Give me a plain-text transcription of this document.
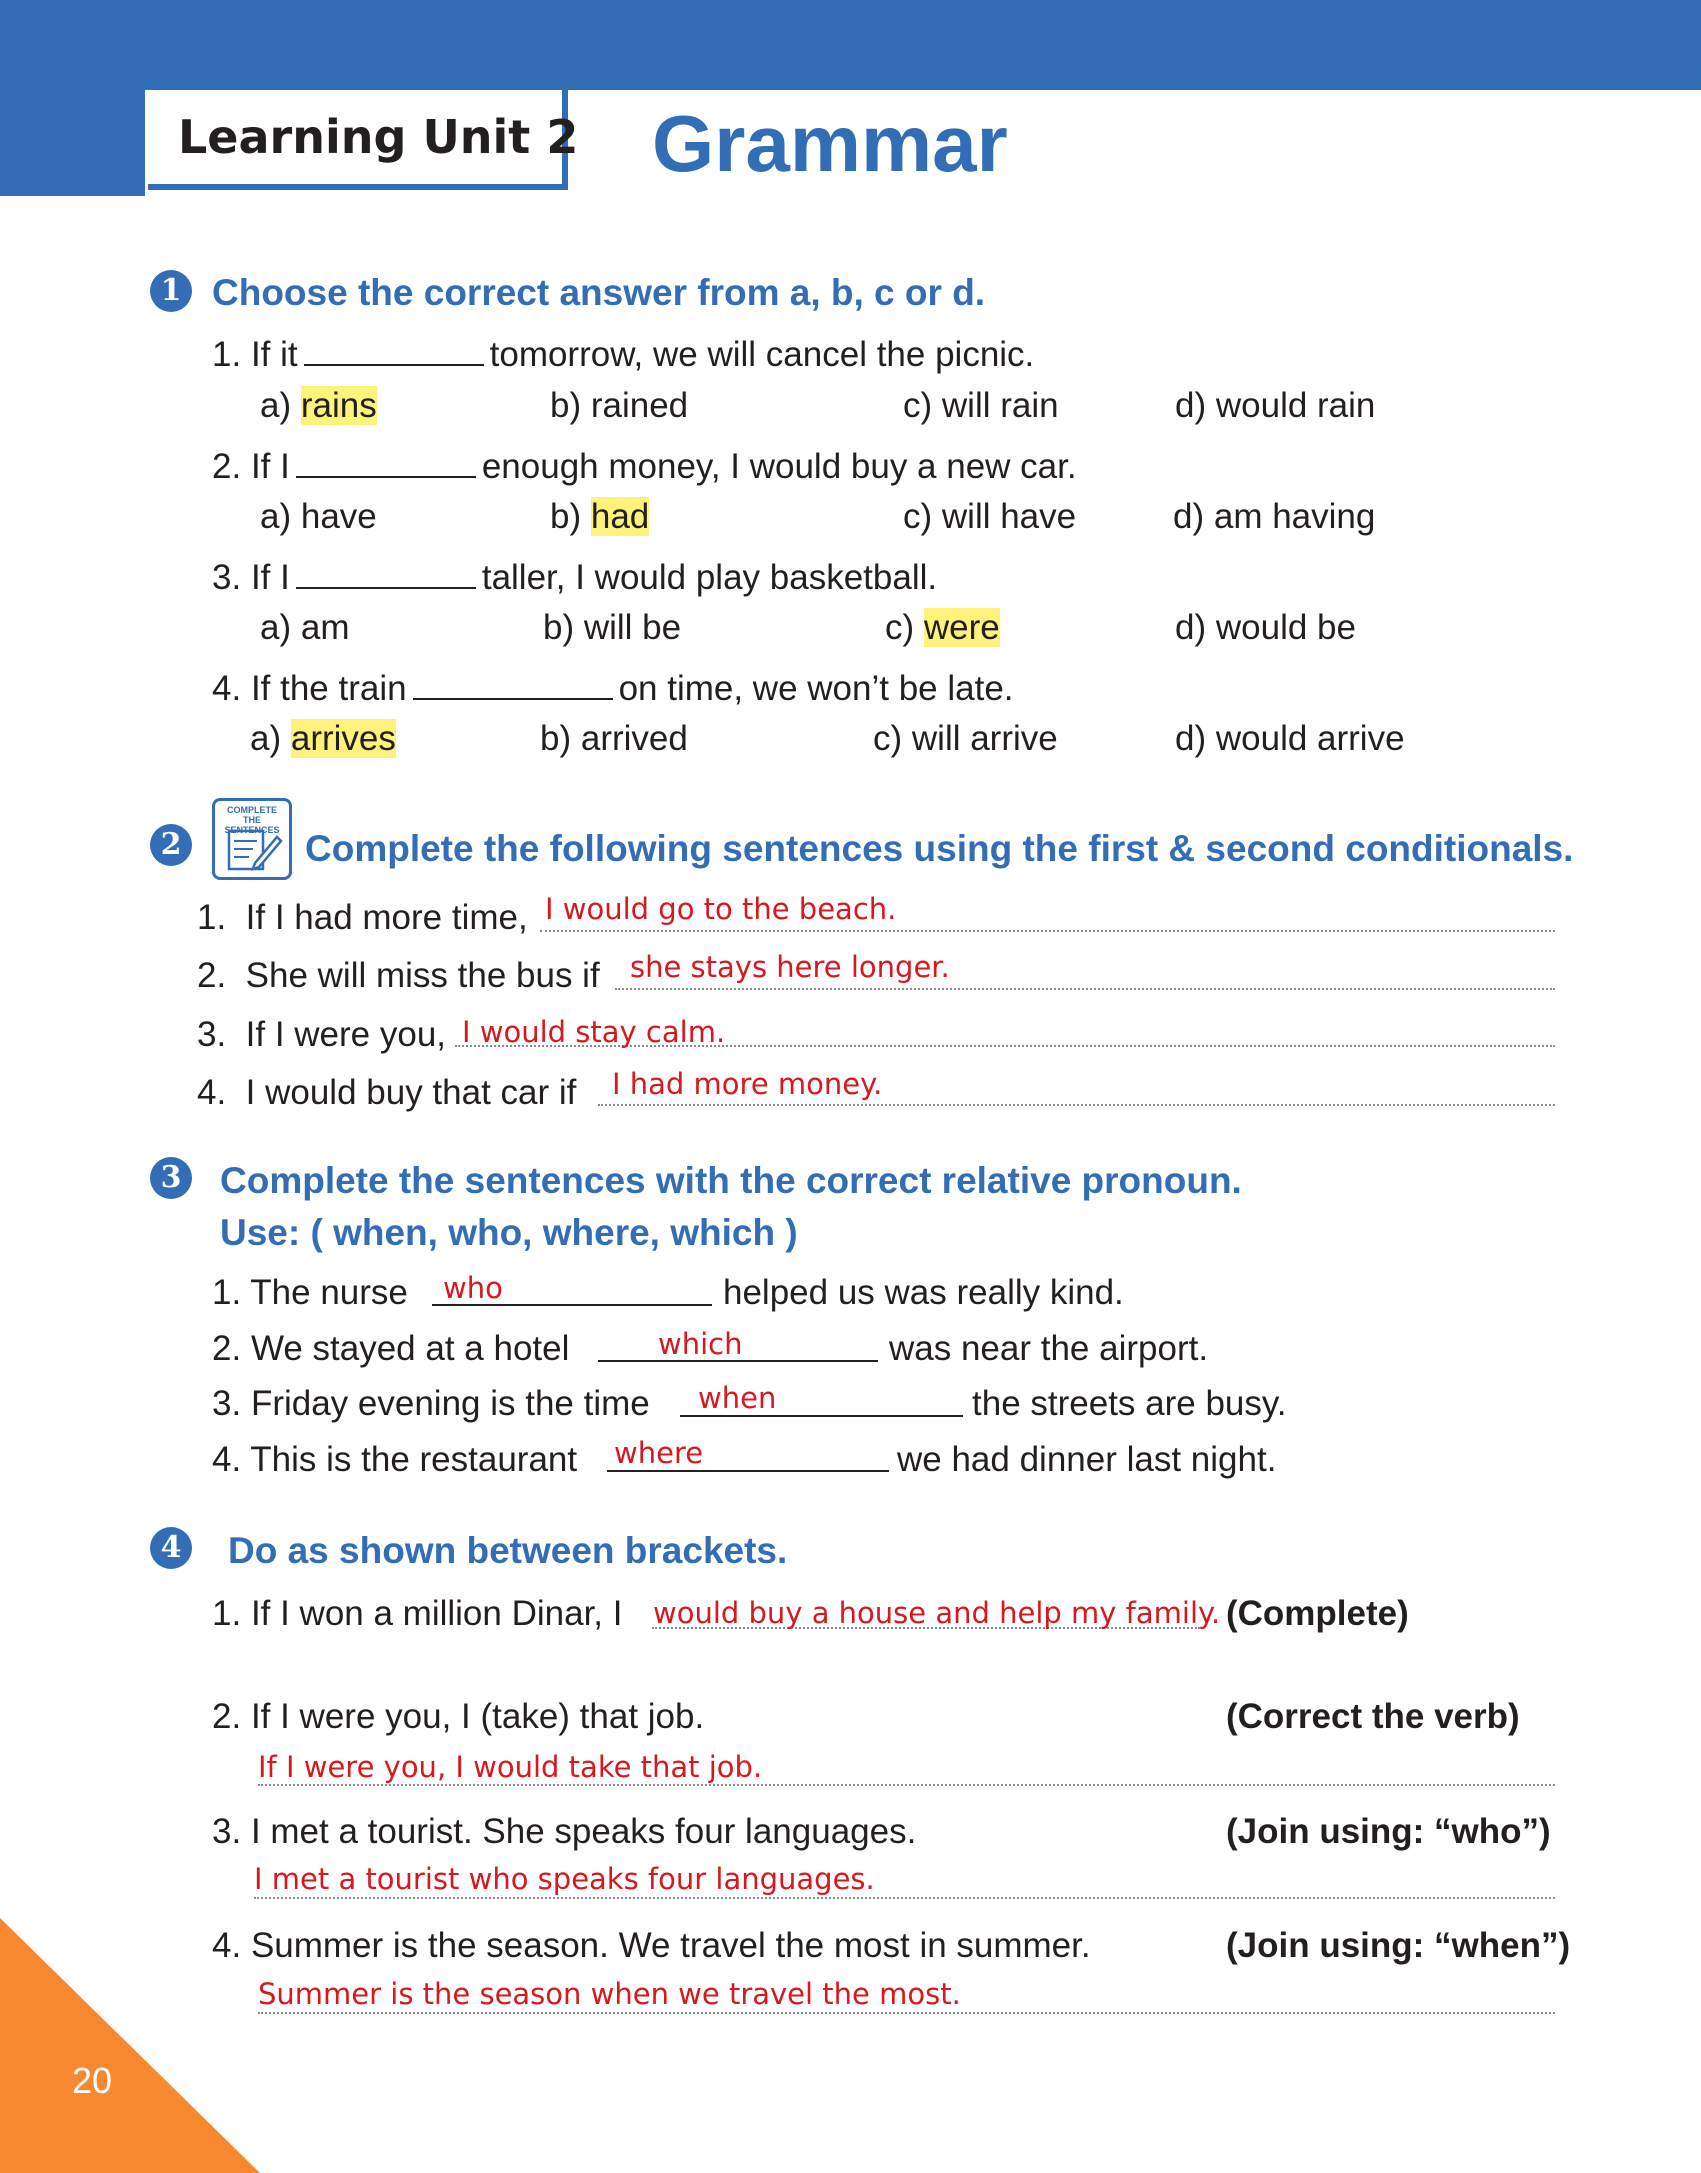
Learning Unit 2 Grammar
1 Choose the correct answer from a, b, c or d.
1. If it	tomorrow, we will cancel the picnic.
a) rains	b) rained	c) will rain	d) would rain
2. If I	enough money, I would buy a new car.
a) have	b) had	c) will have	d) am having
3. If I	taller, I would play basketball.
a) am	b) will be	c) were	d) would be
4. If the train	on time, we won’t be late.
a) arrives	b) arrived	c) will arrive	d) would arrive
2
COMPLETE
THE SENTENCES Complete the following sentences using the first & second conditionals.
1. If I had more time, I would go to the beach.
2. She will miss the bus if she stays here longer.
3. If I were you, I would stay calm.
4. I would buy that car if I had more money.
3 Complete the sentences with the correct relative pronoun.
Use: ( when, who, where, which )
1. The nurse who	helped us was really kind.
2. We stayed at a hotel	which	was near the airport.
3. Friday evening is the time when	the streets are busy.
4. This is the restaurant where	we had dinner last night.
4 Do as shown between brackets.
1. If I won a million Dinar, I would buy a house and help my family. (Complete)
2. If I were you, I (take) that job.	(Correct the verb)
If I were you, I would take that job.
3. I met a tourist. She speaks four languages.	(Join using: “who”)
I met a tourist who speaks four languages.
4. Summer is the season. We travel the most in summer.	(Join using: “when”)
Summer is the season when we travel the most.
20
